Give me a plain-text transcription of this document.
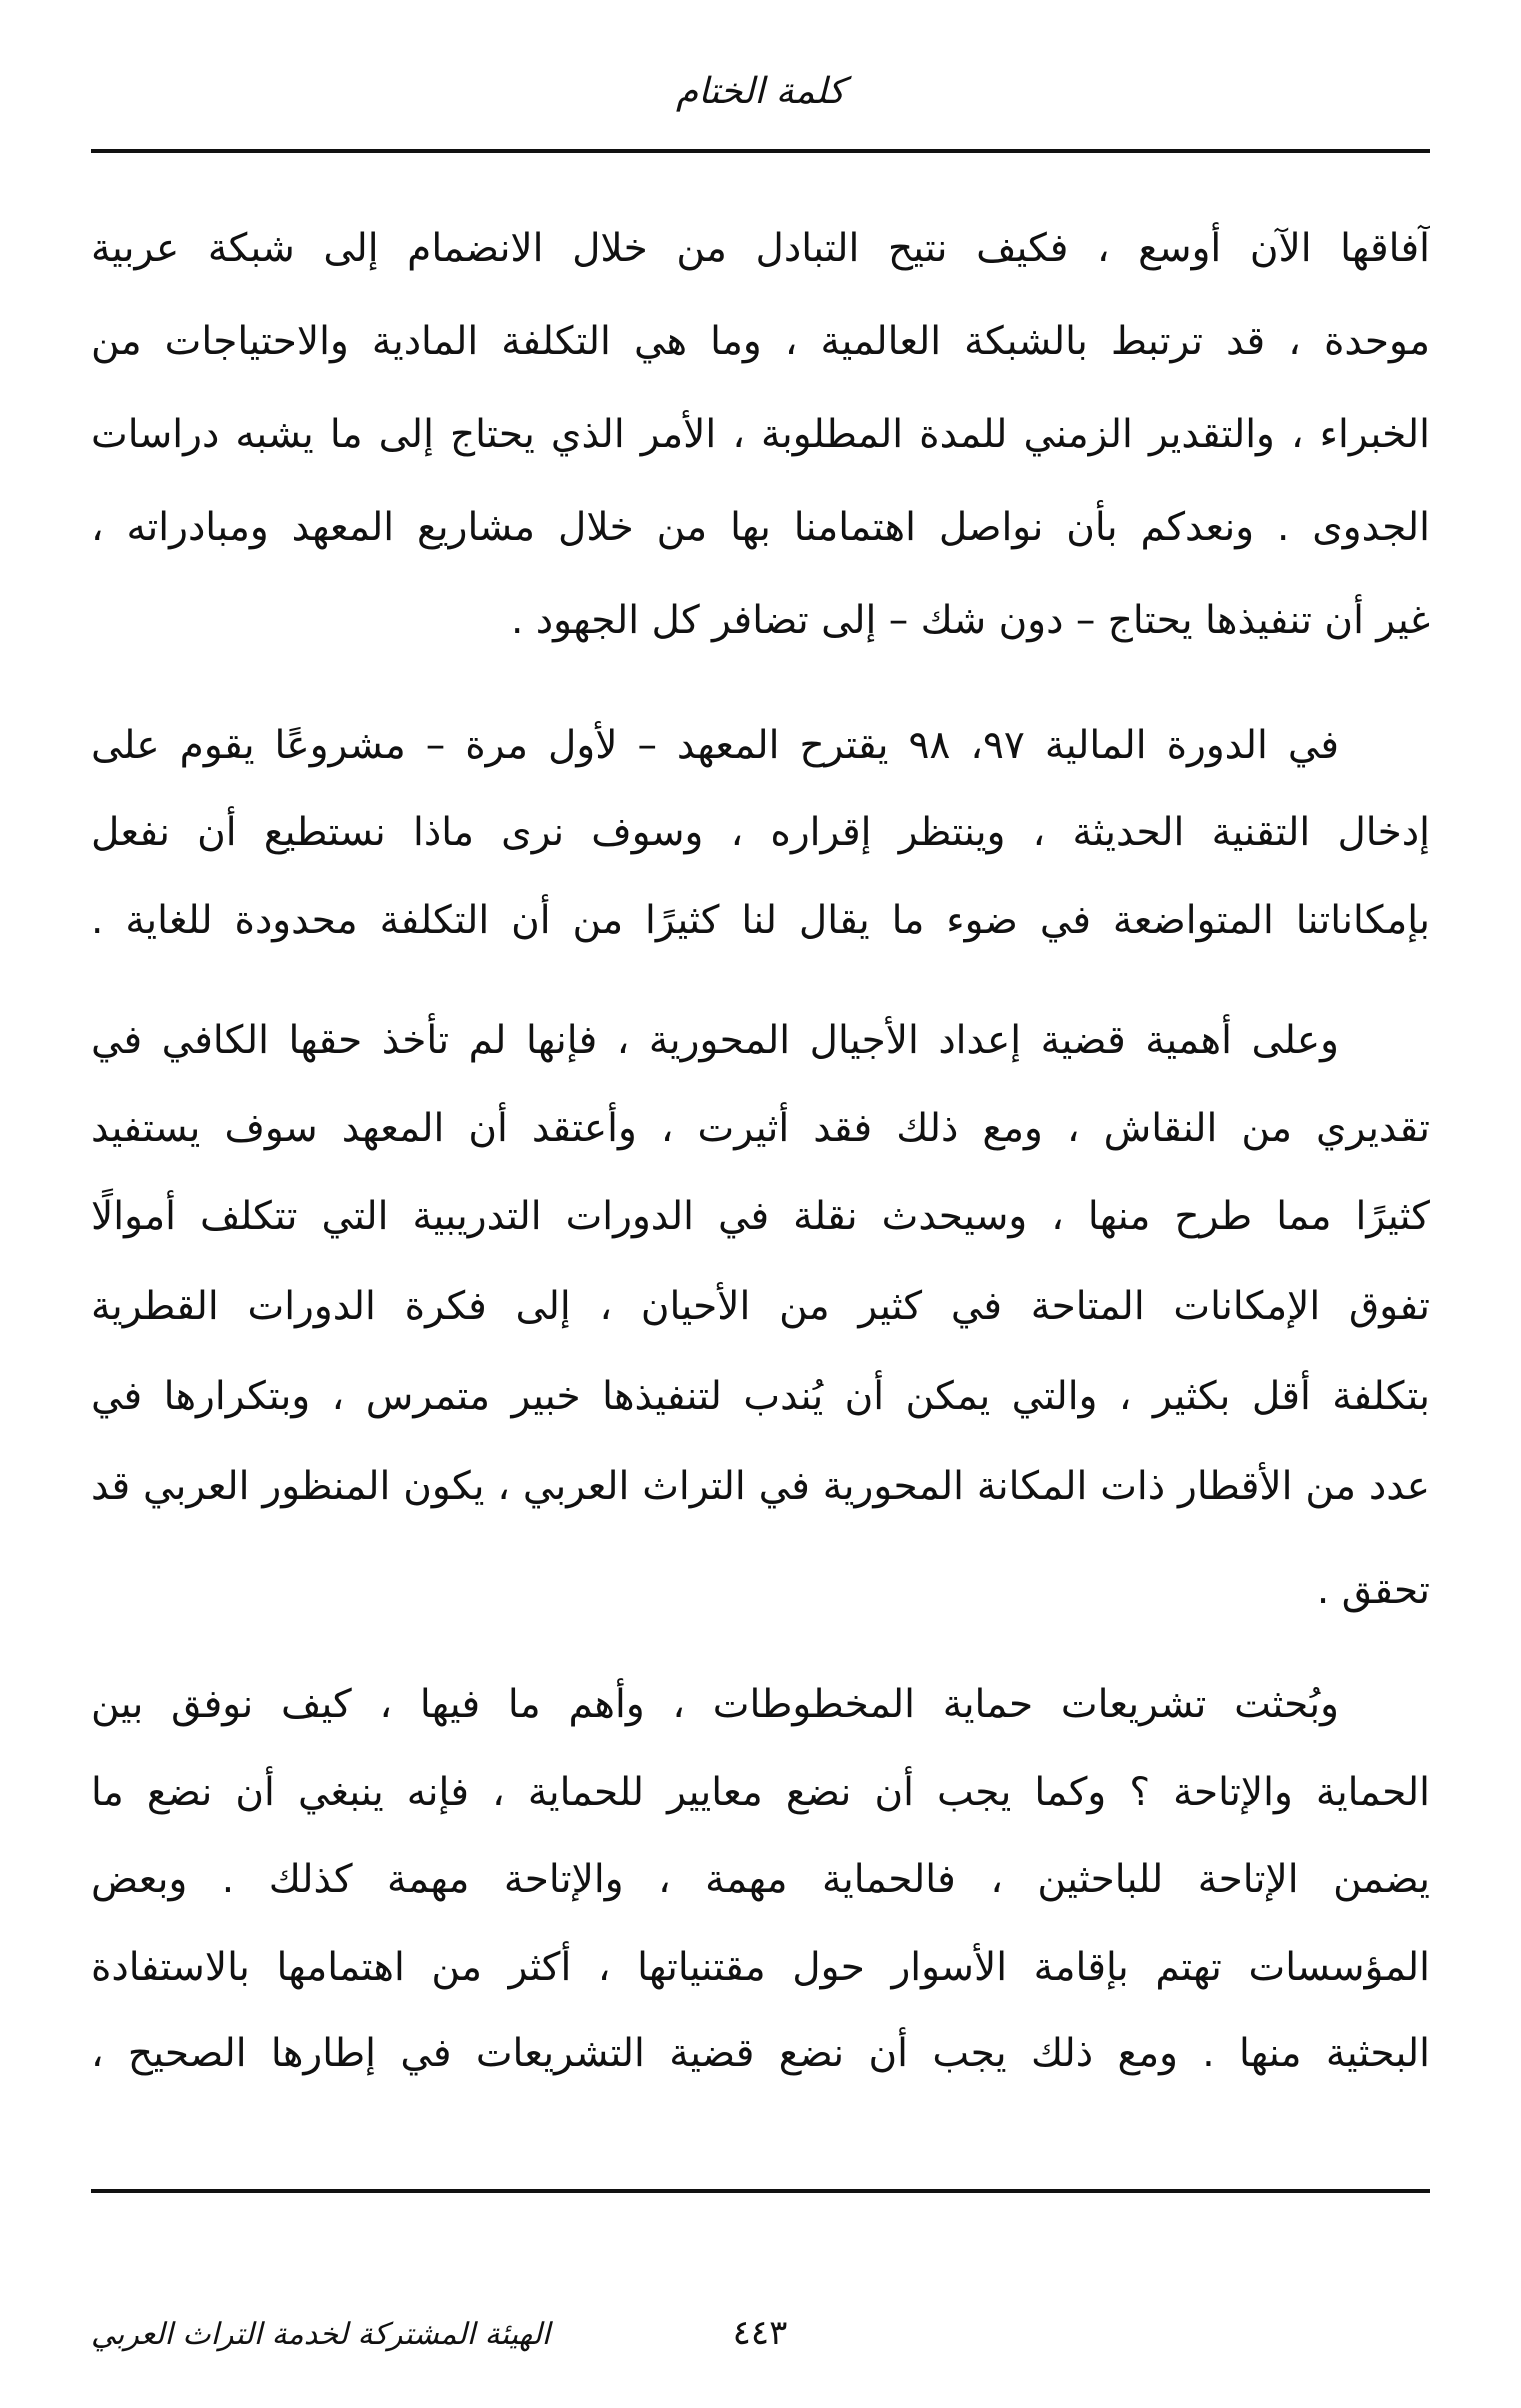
كلمة الختام
آفاقها الآن أوسع ، فكيف نتيح التبادل من خلال الانضمام إلى شبكة عربية
موحدة ، قد ترتبط بالشبكة العالمية ، وما هي التكلفة المادية والاحتياجات من
الخبراء ، والتقدير الزمني للمدة المطلوبة ، الأمر الذي يحتاج إلى ما يشبه دراسات
الجدوى . ونعدكم بأن نواصل اهتمامنا بها من خلال مشاريع المعهد ومبادراته ،
غير أن تنفيذها يحتاج – دون شك – إلى تضافر كل الجهود .
في الدورة المالية ٩٧، ٩٨ يقترح المعهد – لأول مرة – مشروعًا يقوم على
إدخال التقنية الحديثة ، وينتظر إقراره ، وسوف نرى ماذا نستطيع أن نفعل
بإمكاناتنا المتواضعة في ضوء ما يقال لنا كثيرًا من أن التكلفة محدودة للغاية .
وعلى أهمية قضية إعداد الأجيال المحورية ، فإنها لم تأخذ حقها الكافي في
تقديري من النقاش ، ومع ذلك فقد أثيرت ، وأعتقد أن المعهد سوف يستفيد
كثيرًا مما طرح منها ، وسيحدث نقلة في الدورات التدريبية التي تتكلف أموالًا
تفوق الإمكانات المتاحة في كثير من الأحيان ، إلى فكرة الدورات القطرية
بتكلفة أقل بكثير ، والتي يمكن أن يُندب لتنفيذها خبير متمرس ، وبتكرارها في
عدد من الأقطار ذات المكانة المحورية في التراث العربي ، يكون المنظور العربي قد
تحقق .
وبُحثت تشريعات حماية المخطوطات ، وأهم ما فيها ، كيف نوفق بين
الحماية والإتاحة ؟ وكما يجب أن نضع معايير للحماية ، فإنه ينبغي أن نضع ما
يضمن الإتاحة للباحثين ، فالحماية مهمة ، والإتاحة مهمة كذلك . وبعض
المؤسسات تهتم بإقامة الأسوار حول مقتنياتها ، أكثر من اهتمامها بالاستفادة
البحثية منها . ومع ذلك يجب أن نضع قضية التشريعات في إطارها الصحيح ،
٤٤٣
الهيئة المشتركة لخدمة التراث العربي
